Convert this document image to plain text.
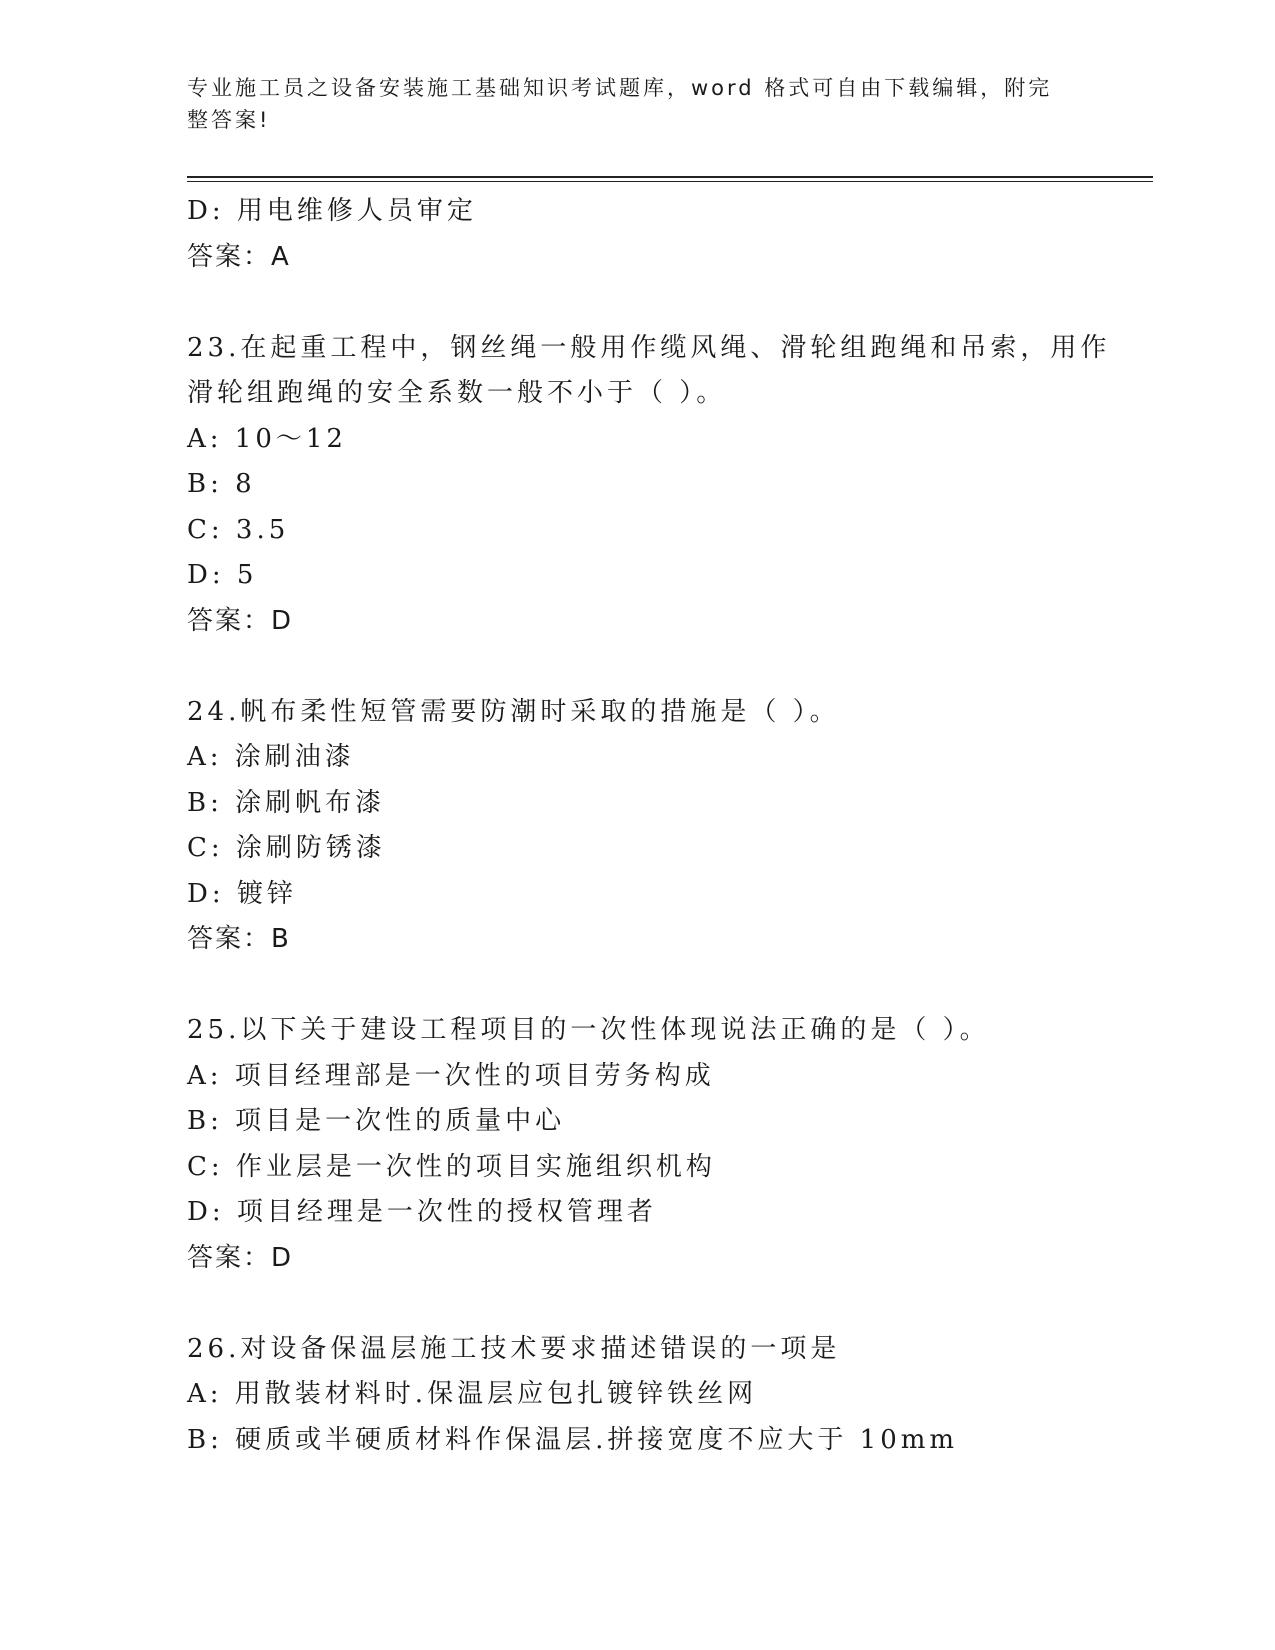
专业施工员之设备安装施工基础知识考试题库，word 格式可自由下载编辑，附完
整答案!
D: 用电维修人员审定
答案：A
23.在起重工程中，钢丝绳一般用作缆风绳、滑轮组跑绳和吊索，用作
滑轮组跑绳的安全系数一般不小于（ ）。
A: 10～12
B: 8
C: 3.5
D: 5
答案：D
24.帆布柔性短管需要防潮时采取的措施是（ ）。
A: 涂刷油漆
B: 涂刷帆布漆
C: 涂刷防锈漆
D: 镀锌
答案：B
25.以下关于建设工程项目的一次性体现说法正确的是（ ）。
A: 项目经理部是一次性的项目劳务构成
B: 项目是一次性的质量中心
C: 作业层是一次性的项目实施组织机构
D: 项目经理是一次性的授权管理者
答案：D
26.对设备保温层施工技术要求描述错误的一项是
A: 用散装材料时.保温层应包扎镀锌铁丝网
B: 硬质或半硬质材料作保温层.拼接宽度不应大于 10mm
